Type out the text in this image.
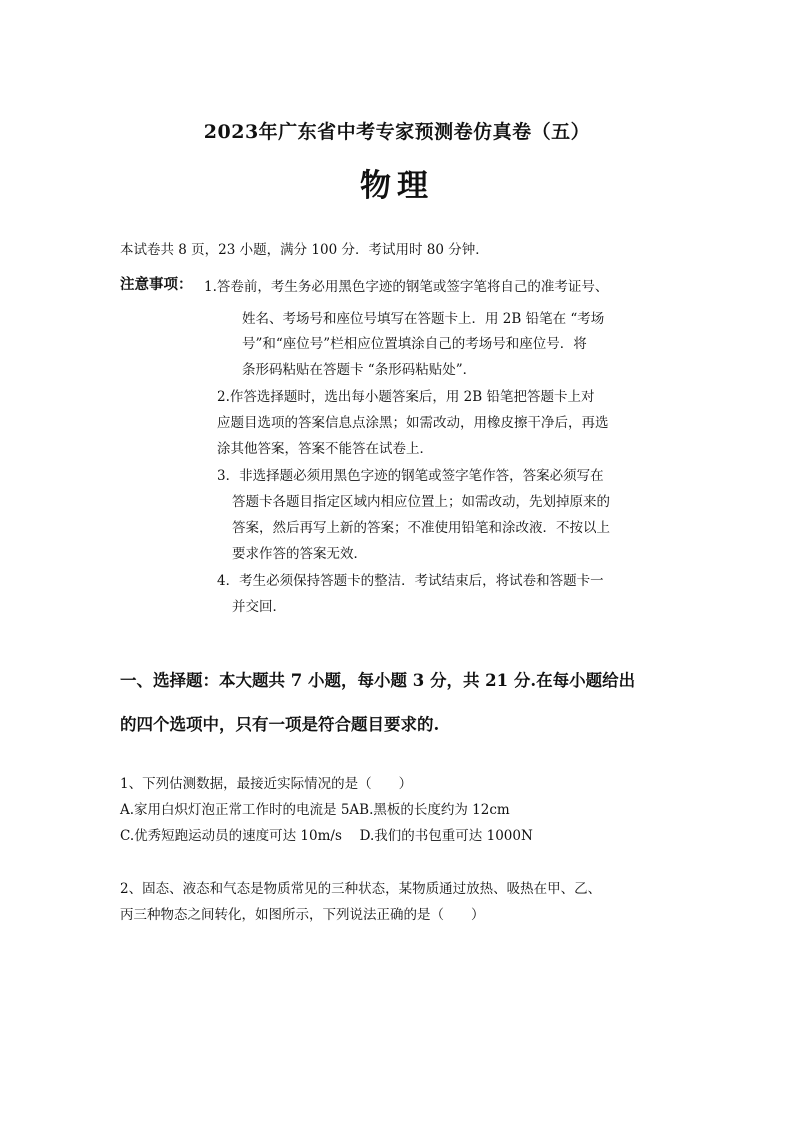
2023年广东省中考专家预测卷仿真卷（五）
物理
本试卷共 8 页，23 小题，满分 100 分．考试用时 80 分钟．
注意事项： 1.答卷前，考生务必用黑色字迹的钢笔或签字笔将自己的准考证号、
姓名、考场号和座位号填写在答题卡上．用 2B 铅笔在 “考场
号”和“座位号”栏相应位置填涂自己的考场号和座位号．将
条形码粘贴在答题卡 “条形码粘贴处”．
2.作答选择题时，选出每小题答案后，用 2B 铅笔把答题卡上对
应题目选项的答案信息点涂黑；如需改动，用橡皮擦干净后，再选
涂其他答案，答案不能答在试卷上．
3．非选择题必须用黑色字迹的钢笔或签字笔作答，答案必须写在
答题卡各题目指定区域内相应位置上；如需改动，先划掉原来的
答案，然后再写上新的答案；不准使用铅笔和涂改液．不按以上
要求作答的答案无效．
4．考生必须保持答题卡的整洁．考试结束后，将试卷和答题卡一
并交回．
一、选择题：本大题共 7 小题，每小题 3 分，共 21 分.在每小题给出
的四个选项中，只有一项是符合题目要求的.
1、下列估测数据，最接近实际情况的是（　　）
A.家用白炽灯泡正常工作时的电流是 5AB.黑板的长度约为 12cm
C.优秀短跑运动员的速度可达 10m/s　 D.我们的书包重可达 1000N
2、固态、液态和气态是物质常见的三种状态，某物质通过放热、吸热在甲、乙、
丙三种物态之间转化，如图所示，下列说法正确的是（　　）
